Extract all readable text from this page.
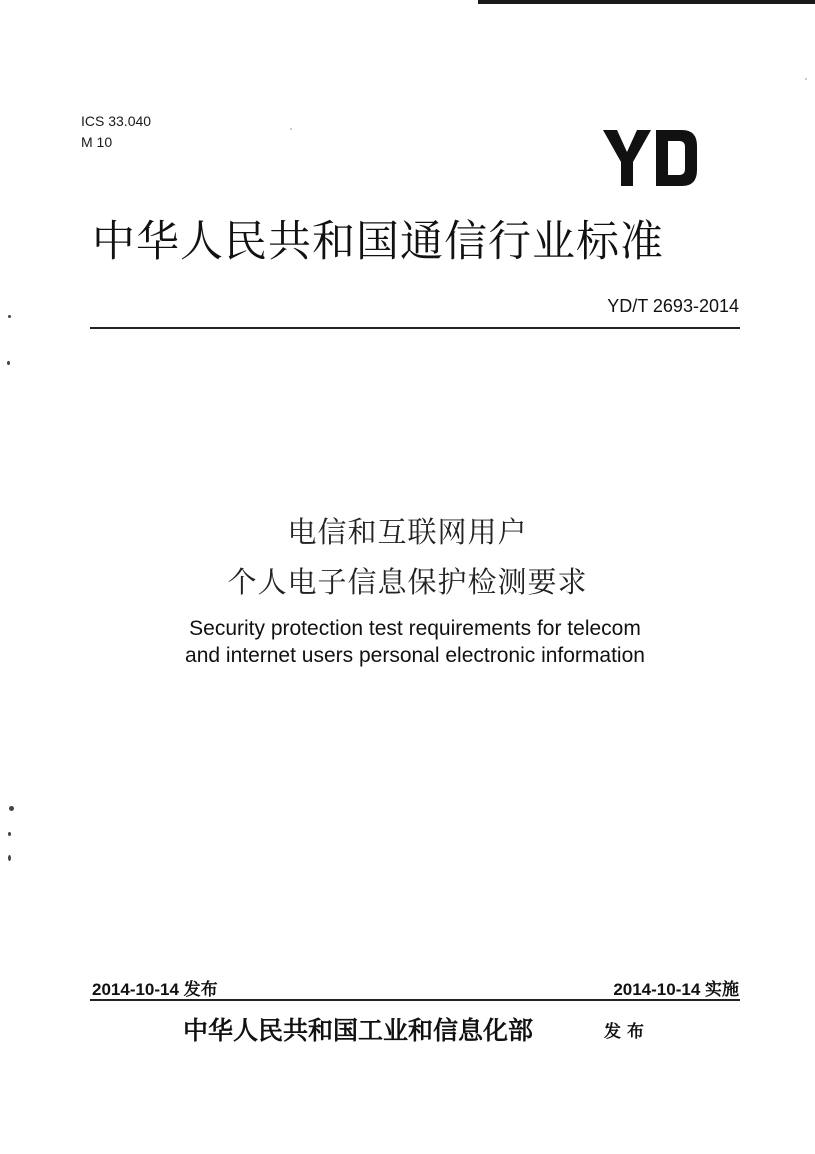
ICS 33.040
M 10
中华人民共和国通信行业标准
YD/T 2693-2014
电信和互联网用户
个人电子信息保护检测要求
Security protection test requirements for telecom
and internet users personal electronic information
2014-10-14 发布	2014-10-14 实施
中华人民共和国工业和信息化部	发布
